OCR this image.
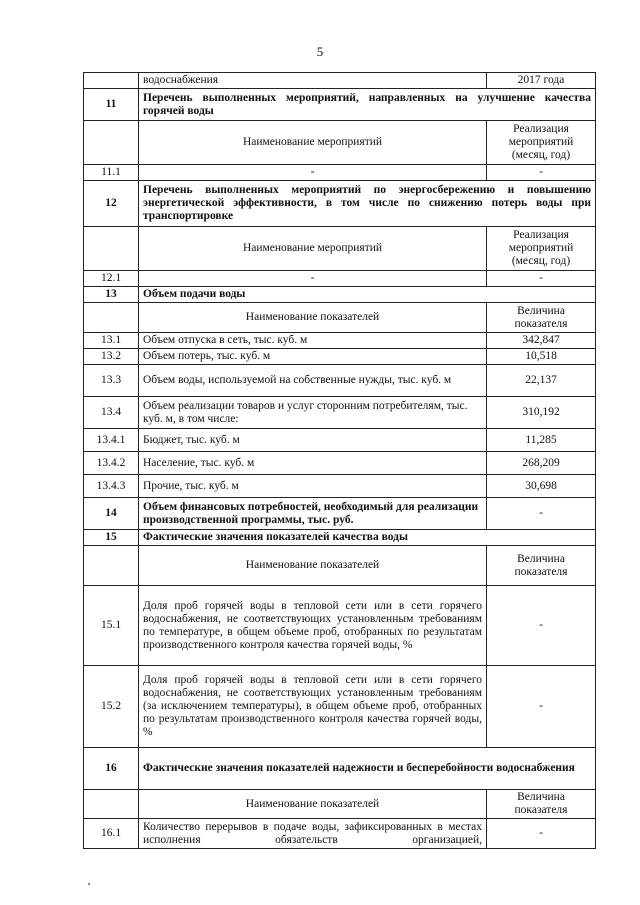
5
	водоснабжения	2017 года
11	Перечень выполненных мероприятий, направленных на улучшение качества горячей воды	
	Наименование мероприятий	Реализация мероприятий (месяц, год)
11.1	-	-
12	Перечень выполненных мероприятий по энергосбережению и повышению энергетической эффективности, в том числе по снижению потерь воды при транспортировке	
	Наименование мероприятий	Реализация мероприятий (месяц, год)
12.1	-	-
13	Объем подачи воды	
	Наименование показателей	Величина показателя
13.1	Объем отпуска в сеть, тыс. куб. м	342,847
13.2	Объем потерь, тыс. куб. м	10,518
13.3	Объем воды, используемой на собственные нужды, тыс. куб. м	22,137
13.4	Объем реализации товаров и услуг сторонним потребителям, тыс. куб. м, в том числе:	310,192
13.4.1	Бюджет, тыс. куб. м	11,285
13.4.2	Население, тыс. куб. м	268,209
13.4.3	Прочие, тыс. куб. м	30,698
14	Объем финансовых потребностей, необходимый для реализации производственной программы, тыс. руб.	-
15	Фактические значения показателей качества воды	
	Наименование показателей	Величина показателя
15.1	Доля проб горячей воды в тепловой сети или в сети горячего водоснабжения, не соответствующих установленным требованиям по температуре, в общем объеме проб, отобранных по результатам производственного контроля качества горячей воды, %	-
15.2	Доля проб горячей воды в тепловой сети или в сети горячего водоснабжения, не соответствующих установленным требованиям (за исключением температуры), в общем объеме проб, отобранных по результатам производственного контроля качества горячей воды, %	-
16	Фактические значения показателей надежности и бесперебойности водоснабжения	
	Наименование показателей	Величина показателя
16.1	Количество перерывов в подаче воды, зафиксированных в местах исполнения обязательств организацией,	-
